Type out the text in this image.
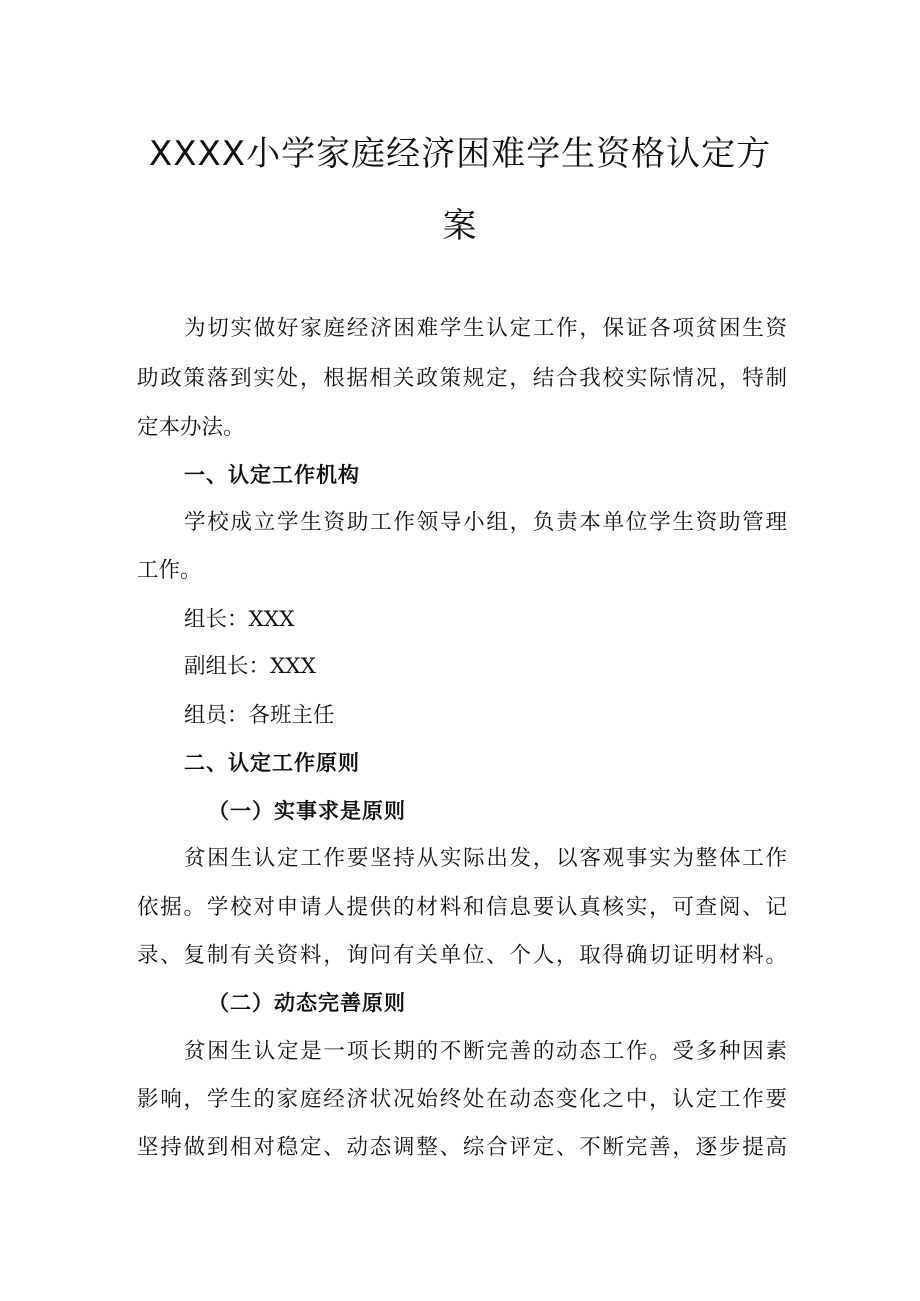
XXXX小学家庭经济困难学生资格认定方
案
为切实做好家庭经济困难学生认定工作，保证各项贫困生资
助政策落到实处，根据相关政策规定，结合我校实际情况，特制
定本办法。
一、认定工作机构
学校成立学生资助工作领导小组，负责本单位学生资助管理
工作。
组长：XXX
副组长：XXX
组员：各班主任
二、认定工作原则
（一）实事求是原则
贫困生认定工作要坚持从实际出发，以客观事实为整体工作
依据。学校对申请人提供的材料和信息要认真核实，可查阅、记
录、复制有关资料，询问有关单位、个人，取得确切证明材料。
（二）动态完善原则
贫困生认定是一项长期的不断完善的动态工作。受多种因素
影响，学生的家庭经济状况始终处在动态变化之中，认定工作要
坚持做到相对稳定、动态调整、综合评定、不断完善，逐步提高
